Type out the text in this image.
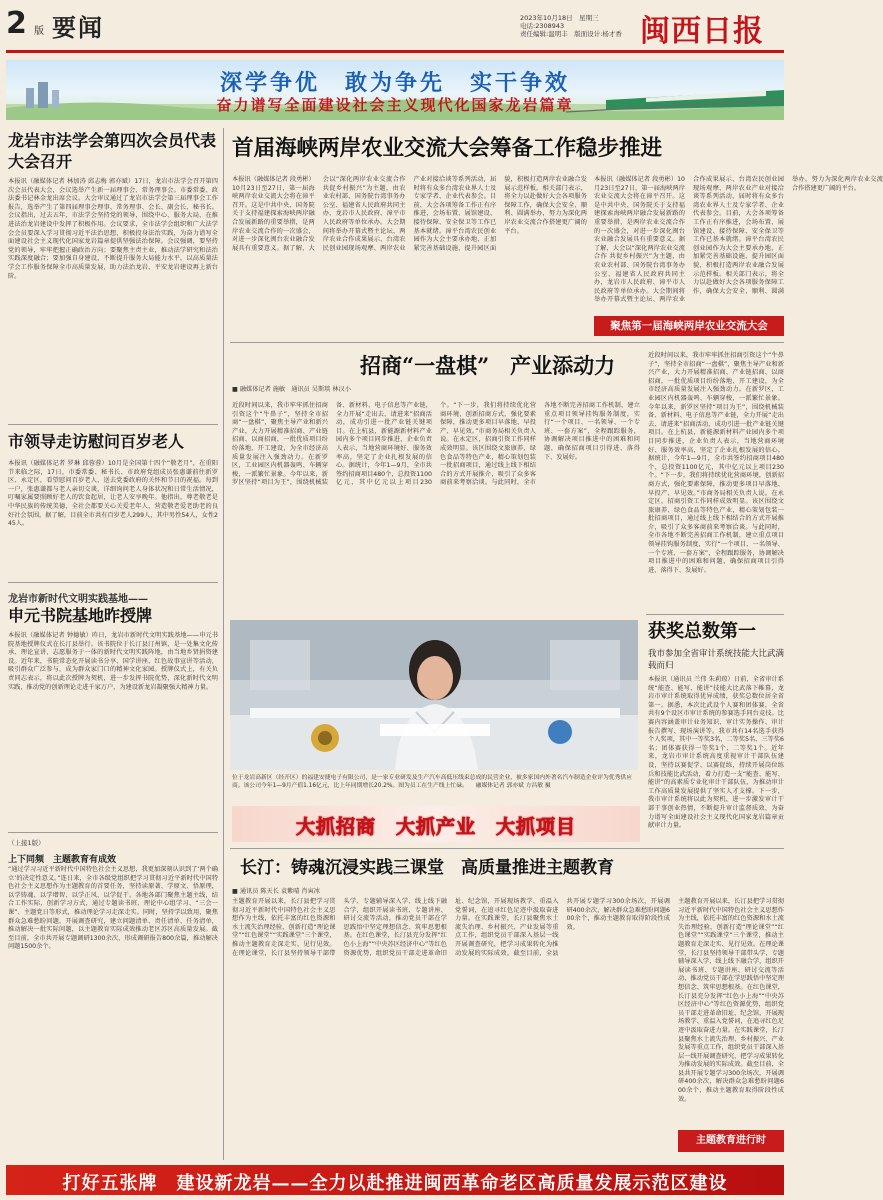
2 版 要闻	2023年10月18日　星期三
电话:2308943
责任编辑:温明丰　版面设计:杨才香 闽西日报
深学争优　敢为争先　实干争效
奋力谱写全面建设社会主义现代化国家龙岩篇章
龙岩市法学会第四次会员代表大会召开
本报讯（融媒体记者 林加涛 邱志梅 郭亦斌）17日，龙岩市法学会召开第四次会员代表大会，会议选举产生新一届理事会、常务理事会。市委常委、政法委书记林金龙出席会议。大会审议通过了龙岩市法学会第三届理事会工作报告，选举产生了第四届理事会理事、常务理事、会长、副会长、秘书长。会议指出，过去五年，市法学会坚持党的领导，围绕中心、服务大局，在推进法治龙岩建设中发挥了积极作用。会议要求，全市法学会组织和广大法学会会员要深入学习贯彻习近平法治思想，积极投身法治实践，为奋力谱写全面建设社会主义现代化国家龙岩篇章提供坚强法治保障。会议强调，要坚持党的领导，牢牢把握正确政治方向；要聚焦主责主业，推动法学研究和法治实践深度融合；要加强自身建设，不断提升服务大局能力水平，以高质量法学会工作服务保障全市高质量发展，助力法治龙岩、平安龙岩建设再上新台阶。
市领导走访慰问百岁老人
本报讯（融媒体记者 罗琳 邱蓉蓉）10月是全国第十四个“敬老月”，在重阳节来临之际，17日，市委常委、秘书长、市政府党组成员张惠谦前往新罗区、永定区，看望慰问百岁老人，送去党委政府的关怀和节日的祝福。每到一户，张惠谦都与老人亲切交谈，详细询问老人身体状况和日常生活情况，叮嘱家属要照顾好老人的饮食起居，让老人安享晚年。他指出，尊老敬老是中华民族的传统美德，全社会都要关心关爱老年人，营造敬老爱老助老的良好社会氛围。据了解，目前全市共有百岁老人299人，其中男性54人，女性245人。
龙岩市新时代文明实践基地——
申元书院基地昨授牌
本报讯（融媒体记者 钟德敏）昨日，龙岩市新时代文明实践基地——申元书院基地授牌仪式在长汀县举行。该书院位于长汀县汀州镇，是一处集文化传承、理论宣讲、志愿服务于一体的新时代文明实践阵地，由当地乡贤捐资建设。近年来，书院常态化开展读书分享、国学讲座、红色故事宣讲等活动，吸引群众广泛参与，成为群众家门口的精神文化家园。授牌仪式上，有关负责同志表示，将以此次授牌为契机，进一步发挥书院优势，深化新时代文明实践，推动党的创新理论走进千家万户，为建设新龙岩凝聚强大精神力量。
（上接1版）
上下同频　主题教育有成效
“通过学习习近平新时代中国特色社会主义思想，我更加深刻认识到了‘两个确立’的决定性意义。”连日来，全市各级党组织把学习贯彻习近平新时代中国特色社会主义思想作为主题教育的首要任务，坚持读原著、学原文、悟原理，以学铸魂、以学增智、以学正风、以学促干。各地各部门聚焦主题主线，结合工作实际，创新学习方式，通过专题读书班、理论中心组学习、“三会一课”、主题党日等形式，推动理论学习走深走实。同时，坚持学以致用，聚焦群众急难愁盼问题，开展调查研究，建立问题清单、责任清单、任务清单，推动解决一批实际问题，以主题教育实际成效推动老区苏区高质量发展。截至目前，全市共开展专题调研1300余次，形成调研报告800余篇，推动解决问题1500余个。
首届海峡两岸农业交流大会筹备工作稳步推进
本报讯（融媒体记者 段勇彬）10月23日至27日，第一届海峡两岸农业交流大会将在漳平召开。这是中共中央、国务院关于支持福建探索海峡两岸融合发展新路的重要举措，是两岸农业交流合作的一次盛会，对进一步深化闽台农业融合发展具有重要意义。据了解，大会以“深化两岸农业交流合作 共促乡村振兴”为主题，由农业农村部、国务院台湾事务办公室、福建省人民政府共同主办，龙岩市人民政府、漳平市人民政府等单位承办。大会期间将举办开幕式暨主论坛、两岸农业合作成果展示、台湾农民创业园现场观摩、两岸农业产业对接洽谈等系列活动，届时将有众多台湾农业界人士及专家学者、企业代表参会。目前，大会各项筹备工作正有序推进，会场布置、展馆建设、接待保障、安全保卫等工作已基本就绪。漳平台湾农民创业园作为大会主要承办地，正加紧完善基础设施、提升园区面貌，积极打造两岸农业融合发展示范样板。相关部门表示，将全力以赴做好大会各项服务保障工作，确保大会安全、顺利、圆满举办，努力为深化两岸农业交流合作搭建更广阔的平台。
本报讯（融媒体记者 段勇彬）10月23日至27日，第一届海峡两岸农业交流大会将在漳平召开。这是中共中央、国务院关于支持福建探索海峡两岸融合发展新路的重要举措，是两岸农业交流合作的一次盛会，对进一步深化闽台农业融合发展具有重要意义。据了解，大会以“深化两岸农业交流合作 共促乡村振兴”为主题，由农业农村部、国务院台湾事务办公室、福建省人民政府共同主办，龙岩市人民政府、漳平市人民政府等单位承办。大会期间将举办开幕式暨主论坛、两岸农业合作成果展示、台湾农民创业园现场观摩、两岸农业产业对接洽谈等系列活动，届时将有众多台湾农业界人士及专家学者、企业代表参会。目前，大会各项筹备工作正有序推进，会场布置、展馆建设、接待保障、安全保卫等工作已基本就绪。漳平台湾农民创业园作为大会主要承办地，正加紧完善基础设施、提升园区面貌，积极打造两岸农业融合发展示范样板。相关部门表示，将全力以赴做好大会各项服务保障工作，确保大会安全、顺利、圆满举办，努力为深化两岸农业交流合作搭建更广阔的平台。
聚焦第一届海峡两岸农业交流大会
招商“一盘棋”　产业添动力
■ 融媒体记者 施敏　通讯员 吴斯琰 林汉小
近段时间以来，我市牢牢抓住招商引资这个“牛鼻子”，坚持全市招商“一盘棋”，聚焦主导产业和新兴产业，大力开展精准招商、产业链招商、以商招商，一批优质项目纷纷落地、开工建设，为全市经济高质量发展注入强劲动力。在新罗区，工业园区内机器轰鸣、车辆穿梭，一派繁忙景象。今年以来，新罗区坚持“项目为王”，围绕机械装备、新材料、电子信息等产业链，全力开展“走出去、请进来”招商活动，成功引进一批产业链关键项目。在上杭县，新能源新材料产业园内多个项目同步推进，企业负责人表示，当地营商环境好、服务效率高，坚定了企业扎根发展的信心。据统计，今年1—9月，全市共签约招商项目480个，总投资1100亿元，其中亿元以上项目230个。“下一步，我们将持续优化营商环境，创新招商方式，强化要素保障，推动更多项目早落地、早投产、早见效。”市商务局相关负责人说。在永定区，招商引资工作同样成效明显。该区围绕文旅康养、绿色食品等特色产业，精心策划包装一批招商项目，通过线上线下相结合的方式开展推介，吸引了众多客商前来考察洽谈。与此同时，全市各地不断完善招商工作机制，建立重点项目领导挂钩服务制度，实行“一个项目、一名领导、一个专班、一套方案”，全程跟踪服务，协调解决项目推进中的困难和问题，确保招商项目引得进、落得下、发展好。
近段时间以来，我市牢牢抓住招商引资这个“牛鼻子”，坚持全市招商“一盘棋”，聚焦主导产业和新兴产业，大力开展精准招商、产业链招商、以商招商，一批优质项目纷纷落地、开工建设，为全市经济高质量发展注入强劲动力。在新罗区，工业园区内机器轰鸣、车辆穿梭，一派繁忙景象。今年以来，新罗区坚持“项目为王”，围绕机械装备、新材料、电子信息等产业链，全力开展“走出去、请进来”招商活动，成功引进一批产业链关键项目。在上杭县，新能源新材料产业园内多个项目同步推进，企业负责人表示，当地营商环境好、服务效率高，坚定了企业扎根发展的信心。据统计，今年1—9月，全市共签约招商项目480个，总投资1100亿元，其中亿元以上项目230个。“下一步，我们将持续优化营商环境，创新招商方式，强化要素保障，推动更多项目早落地、早投产、早见效。”市商务局相关负责人说。在永定区，招商引资工作同样成效明显。该区围绕文旅康养、绿色食品等特色产业，精心策划包装一批招商项目，通过线上线下相结合的方式开展推介，吸引了众多客商前来考察洽谈。与此同时，全市各地不断完善招商工作机制，建立重点项目领导挂钩服务制度，实行“一个项目、一名领导、一个专班、一套方案”，全程跟踪服务，协调解决项目推进中的困难和问题，确保招商项目引得进、落得下、发展好。
位于龙岩高新区（经开区）的福建安捷电子有限公司，是一家专业研发及生产汽车高低压线束总成的民营企业，被多家国内外著名汽车制造企业评为优秀供应商。该公司今年1—9月产值1.16亿元，比上年同期增长20.2%。图为员工在生产线上忙碌。 融媒体记者 郭亦斌 方昌敏 摄
大抓招商　大抓产业　大抓项目
获奖总数第一
我市参加全省审计系统技能大比武满载而归
本报讯（通讯员 兰伟 朱莉琼）日前，全省审计系统“能查、能写、能讲”技能大比武落下帷幕，龙岩市审计系统取得优异成绩，获奖总数位居全省第一。据悉，本次比武设个人赛和团体赛，全省共有9个设区市审计系统的参赛选手同台竞技。比赛内容涵盖审计业务知识、审计实务操作、审计报告撰写、现场演讲等。我市共有14名选手获得个人奖项，其中一等奖3名、二等奖5名、三等奖6名；团体赛获得一等奖1个、二等奖1个。近年来，龙岩市审计系统高度重视审计干部队伍建设，坚持以赛促学、以赛促练，持续开展岗位练兵和技能比武活动，着力打造一支“能查、能写、能讲”的高素质专业化审计干部队伍，为推动审计工作高质量发展提供了坚实人才支撑。下一步，我市审计系统将以此为契机，进一步激发审计干部干事创业热情，不断提升审计监督质效，为奋力谱写全面建设社会主义现代化国家龙岩篇章贡献审计力量。
长汀：铸魂沉浸实践三课堂　高质量推进主题教育
■ 通讯员 陈天长 袁紫晴 肖寅冰
主题教育开展以来，长汀县把学习贯彻习近平新时代中国特色社会主义思想作为主线，依托丰富的红色资源和水土流失治理经验，创新打造“理论课堂”“红色课堂”“实践课堂”三个课堂，推动主题教育走深走实、见行见效。在理论课堂，长汀县坚持领导干部带头学、专题辅导深入学、线上线下融合学，组织开展读书班、专题讲座、研讨交流等活动，推动党员干部在学思践悟中坚定理想信念、筑牢思想根基。在红色课堂，长汀县充分发挥“红色小上海”“中央苏区经济中心”等红色资源优势，组织党员干部走进革命旧址、纪念馆，开展现场教学、重温入党誓词，在追寻红色足迹中汲取奋进力量。在实践课堂，长汀县聚焦水土流失治理、乡村振兴、产业发展等重点工作，组织党员干部深入基层一线开展调查研究，把学习成果转化为推动发展的实际成效。截至目前，全县共开展专题学习300余场次，开展调研400余次，解决群众急难愁盼问题600余个，推动主题教育取得阶段性成效。
主题教育开展以来，长汀县把学习贯彻习近平新时代中国特色社会主义思想作为主线，依托丰富的红色资源和水土流失治理经验，创新打造“理论课堂”“红色课堂”“实践课堂”三个课堂，推动主题教育走深走实、见行见效。在理论课堂，长汀县坚持领导干部带头学、专题辅导深入学、线上线下融合学，组织开展读书班、专题讲座、研讨交流等活动，推动党员干部在学思践悟中坚定理想信念、筑牢思想根基。在红色课堂，长汀县充分发挥“红色小上海”“中央苏区经济中心”等红色资源优势，组织党员干部走进革命旧址、纪念馆，开展现场教学、重温入党誓词，在追寻红色足迹中汲取奋进力量。在实践课堂，长汀县聚焦水土流失治理、乡村振兴、产业发展等重点工作，组织党员干部深入基层一线开展调查研究，把学习成果转化为推动发展的实际成效。截至目前，全县共开展专题学习300余场次，开展调研400余次，解决群众急难愁盼问题600余个，推动主题教育取得阶段性成效。
主题教育进行时
打好五张牌　建设新龙岩——全力以赴推进闽西革命老区高质量发展示范区建设
